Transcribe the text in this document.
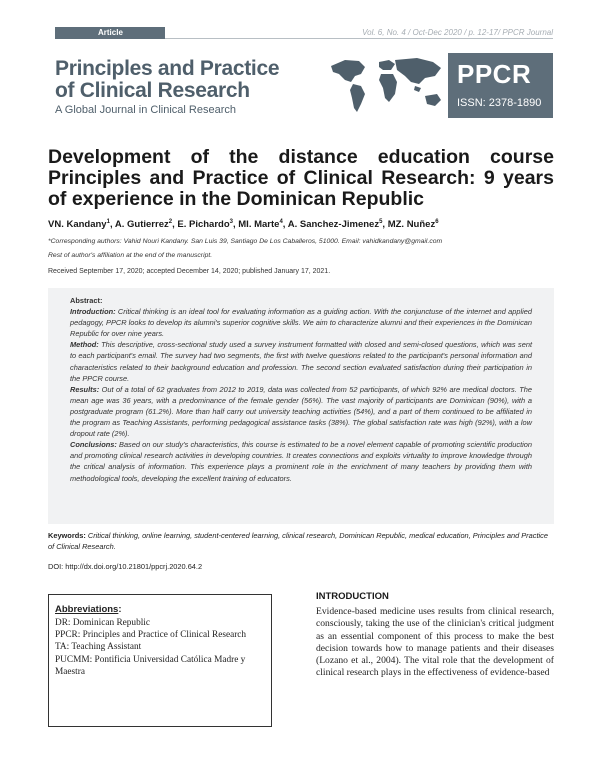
Article	Vol. 6, No. 4 / Oct-Dec 2020 / p. 12-17/ PPCR Journal
Principles and Practice
of Clinical Research
A Global Journal in Clinical Research
PPCR
ISSN: 2378-1890
Development of the distance education course Principles and Practice of Clinical Research: 9 years of experience in the Dominican Republic
VN. Kandany$^1$, A. Gutierrez$^2$, E. Pichardo$^3$, MI. Marte$^4$, A. Sanchez-Jimenez$^5$, MZ. Nuñez$^6$
*Corresponding authors: Vahid Nouri Kandany. San Luis 39, Santiago De Los Caballeros, 51000. Email: vahidkandany@gmail.com
Rest of author's affiliation at the end of the manuscript.
Received September 17, 2020; accepted December 14, 2020; published January 17, 2021.

Abstract:

Introduction: Critical thinking is an ideal tool for evaluating information as a guiding action. With the conjunctuse of the internet and applied pedagogy, PPCR looks to develop its alumni's superior cognitive skills. We aim to characterize alumni and their experiences in the Dominican Republic for over nine years.

Method: This descriptive, cross-sectional study used a survey instrument formatted with closed and semi-closed questions, which was sent to each participant's email. The survey had two segments, the first with twelve questions related to the participant's personal information and characteristics related to their background education and profession. The second section evaluated satisfaction during their participation in the PPCR course.

Results: Out of a total of 62 graduates from 2012 to 2019, data was collected from 52 participants, of which 92% are medical doctors. The mean age was 36 years, with a predominance of the female gender (56%). The vast majority of participants are Dominican (90%), with a postgraduate program (61.2%). More than half carry out university teaching activities (54%), and a part of them continued to be affiliated in the program as Teaching Assistants, performing pedagogical assistance tasks (38%). The global satisfaction rate was high (92%), with a low dropout rate (2%).

Conclusions: Based on our study's characteristics, this course is estimated to be a novel element capable of promoting scientific production and promoting clinical research activities in developing countries. It creates connections and exploits virtuality to improve knowledge through the critical analysis of information. This experience plays a prominent role in the enrichment of many teachers by providing them with methodological tools, developing the excellent training of educators.

Keywords: Critical thinking, online learning, student-centered learning, clinical research, Dominican Republic, medical education, Principles and Practice of Clinical Research.
DOI: http://dx.doi.org/10.21801/ppcrj.2020.64.2
Abbreviations:
DR: Dominican Republic
PPCR: Principles and Practice of Clinical Research
TA: Teaching Assistant
PUCMM: Pontificia Universidad Católica Madre y Maestra
INTRODUCTION

Evidence-based medicine uses results from clinical research, consciously, taking the use of the clinician's critical judgment as an essential component of this process to make the best decision towards how to manage patients and their diseases (Lozano et al., 2004). The vital role that the development of clinical research plays in the effectiveness of evidence-based
